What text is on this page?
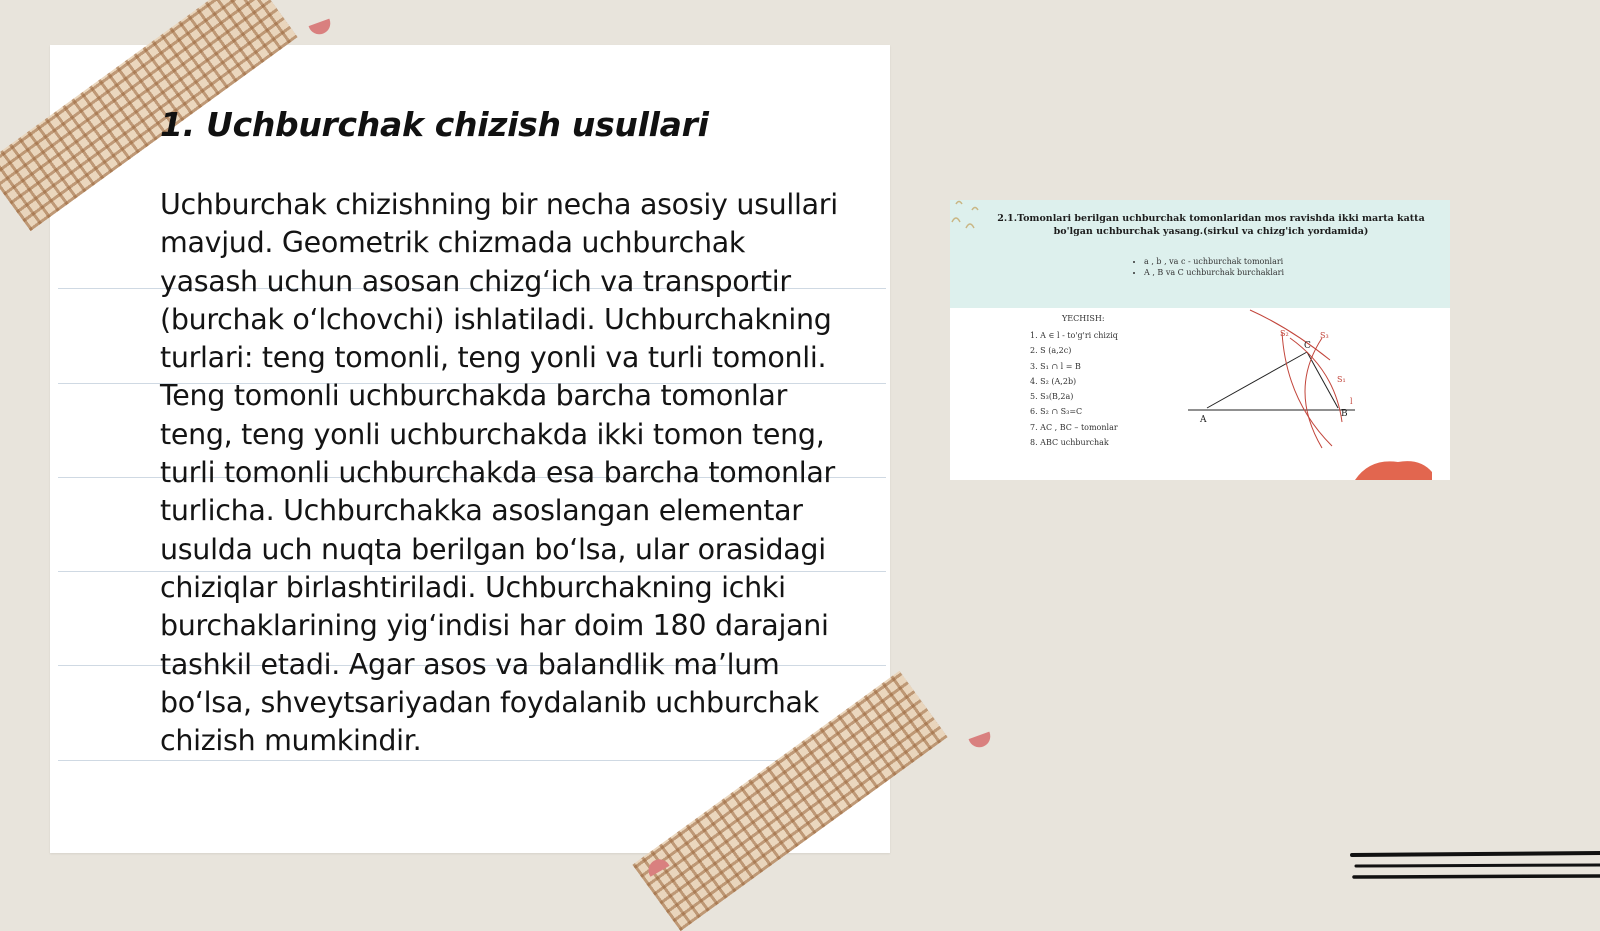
1. Uchburchak chizish usullari

Uchburchak chizishning bir necha asosiy usullari mavjud. Geometrik chizmada uchburchak yasash uchun asosan chizg‘ich va transportir (burchak o‘lchovchi) ishlatiladi. Uchburchakning turlari: teng tomonli, teng yonli va turli tomonli. Teng tomonli uchburchakda barcha tomonlar teng, teng yonli uchburchakda ikki tomon teng, turli tomonli uchburchakda esa barcha tomonlar turlicha. Uchburchakka asoslangan elementar usulda uch nuqta berilgan bo‘lsa, ular orasidagi chiziqlar birlashtiriladi. Uchburchakning ichki burchaklarining yig‘indisi har doim 180 darajani tashkil etadi. Agar asos va balandlik ma’lum bo‘lsa, shveytsariyadan foydalanib uchburchak chizish mumkindir.

2.1.Tomonlari berilgan uchburchak tomonlaridan mos ravishda ikki marta katta bo'lgan uchburchak yasang.(sirkul va chizg'ich yordamida)
• a , b , va c - uchburchak tomonlari
• A , B va C uchburchak burchaklari
YECHISH:
1. A ∈ l - to'g'ri chiziq
2. S (a,2c)
3. S₁ ∩ l = B
4. S₂ (A,2b)
5. S₃(B,2a)
6. S₂ ∩ S₃=C
7. AC , BC – tomonlar
8. ABC uchburchak
A
B
C
l
S₁
S₂	S₃
